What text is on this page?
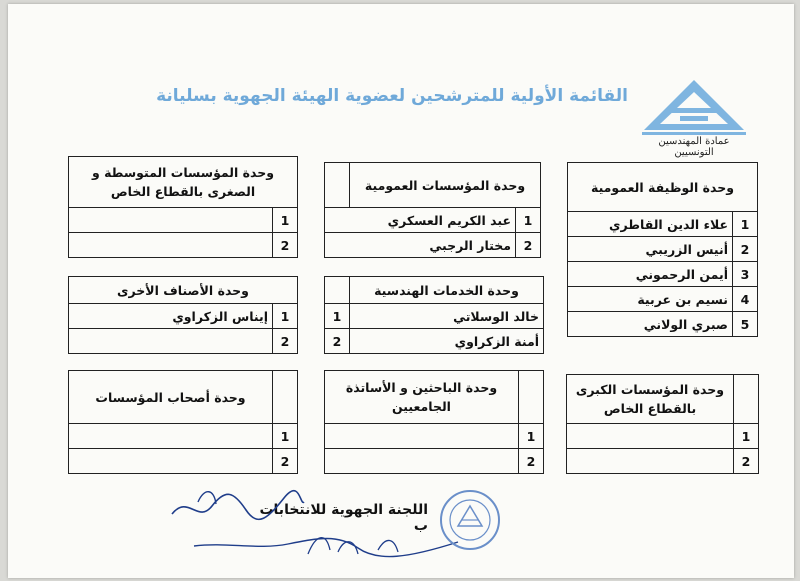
عمادة المهندسين التونسيين
القائمة الأولية للمترشحين لعضوية الهيئة الجهوية بسليانة
وحدة الوظيفة العمومية	
1	علاء الدين القاطري
2	أنيس الزريبي
3	أيمن الرحموني
4	نسيم بن عربية
5	صبري الولاني
وحدة المؤسسات العمومية		
1	عبد الكريم العسكري	
2	مختار الرجبي	
وحدة المؤسسات المتوسطة و الصغرى بالقطاع الخاص	
1	
2	
وحدة الخدمات الهندسية	
خالد الوسلاتي	1
أمنة الزكراوي	2
وحدة الأصناف الأخرى	
1	إيناس الزكراوي
2	
	وحدة المؤسسات الكبرى بالقطاع الخاص
1	
2	
	وحدة الباحثين و الأساتذة الجامعيين
1	
2	
	وحدة أصحاب المؤسسات
1	
2	
اللجنة الجهوية للانتخابات ب
